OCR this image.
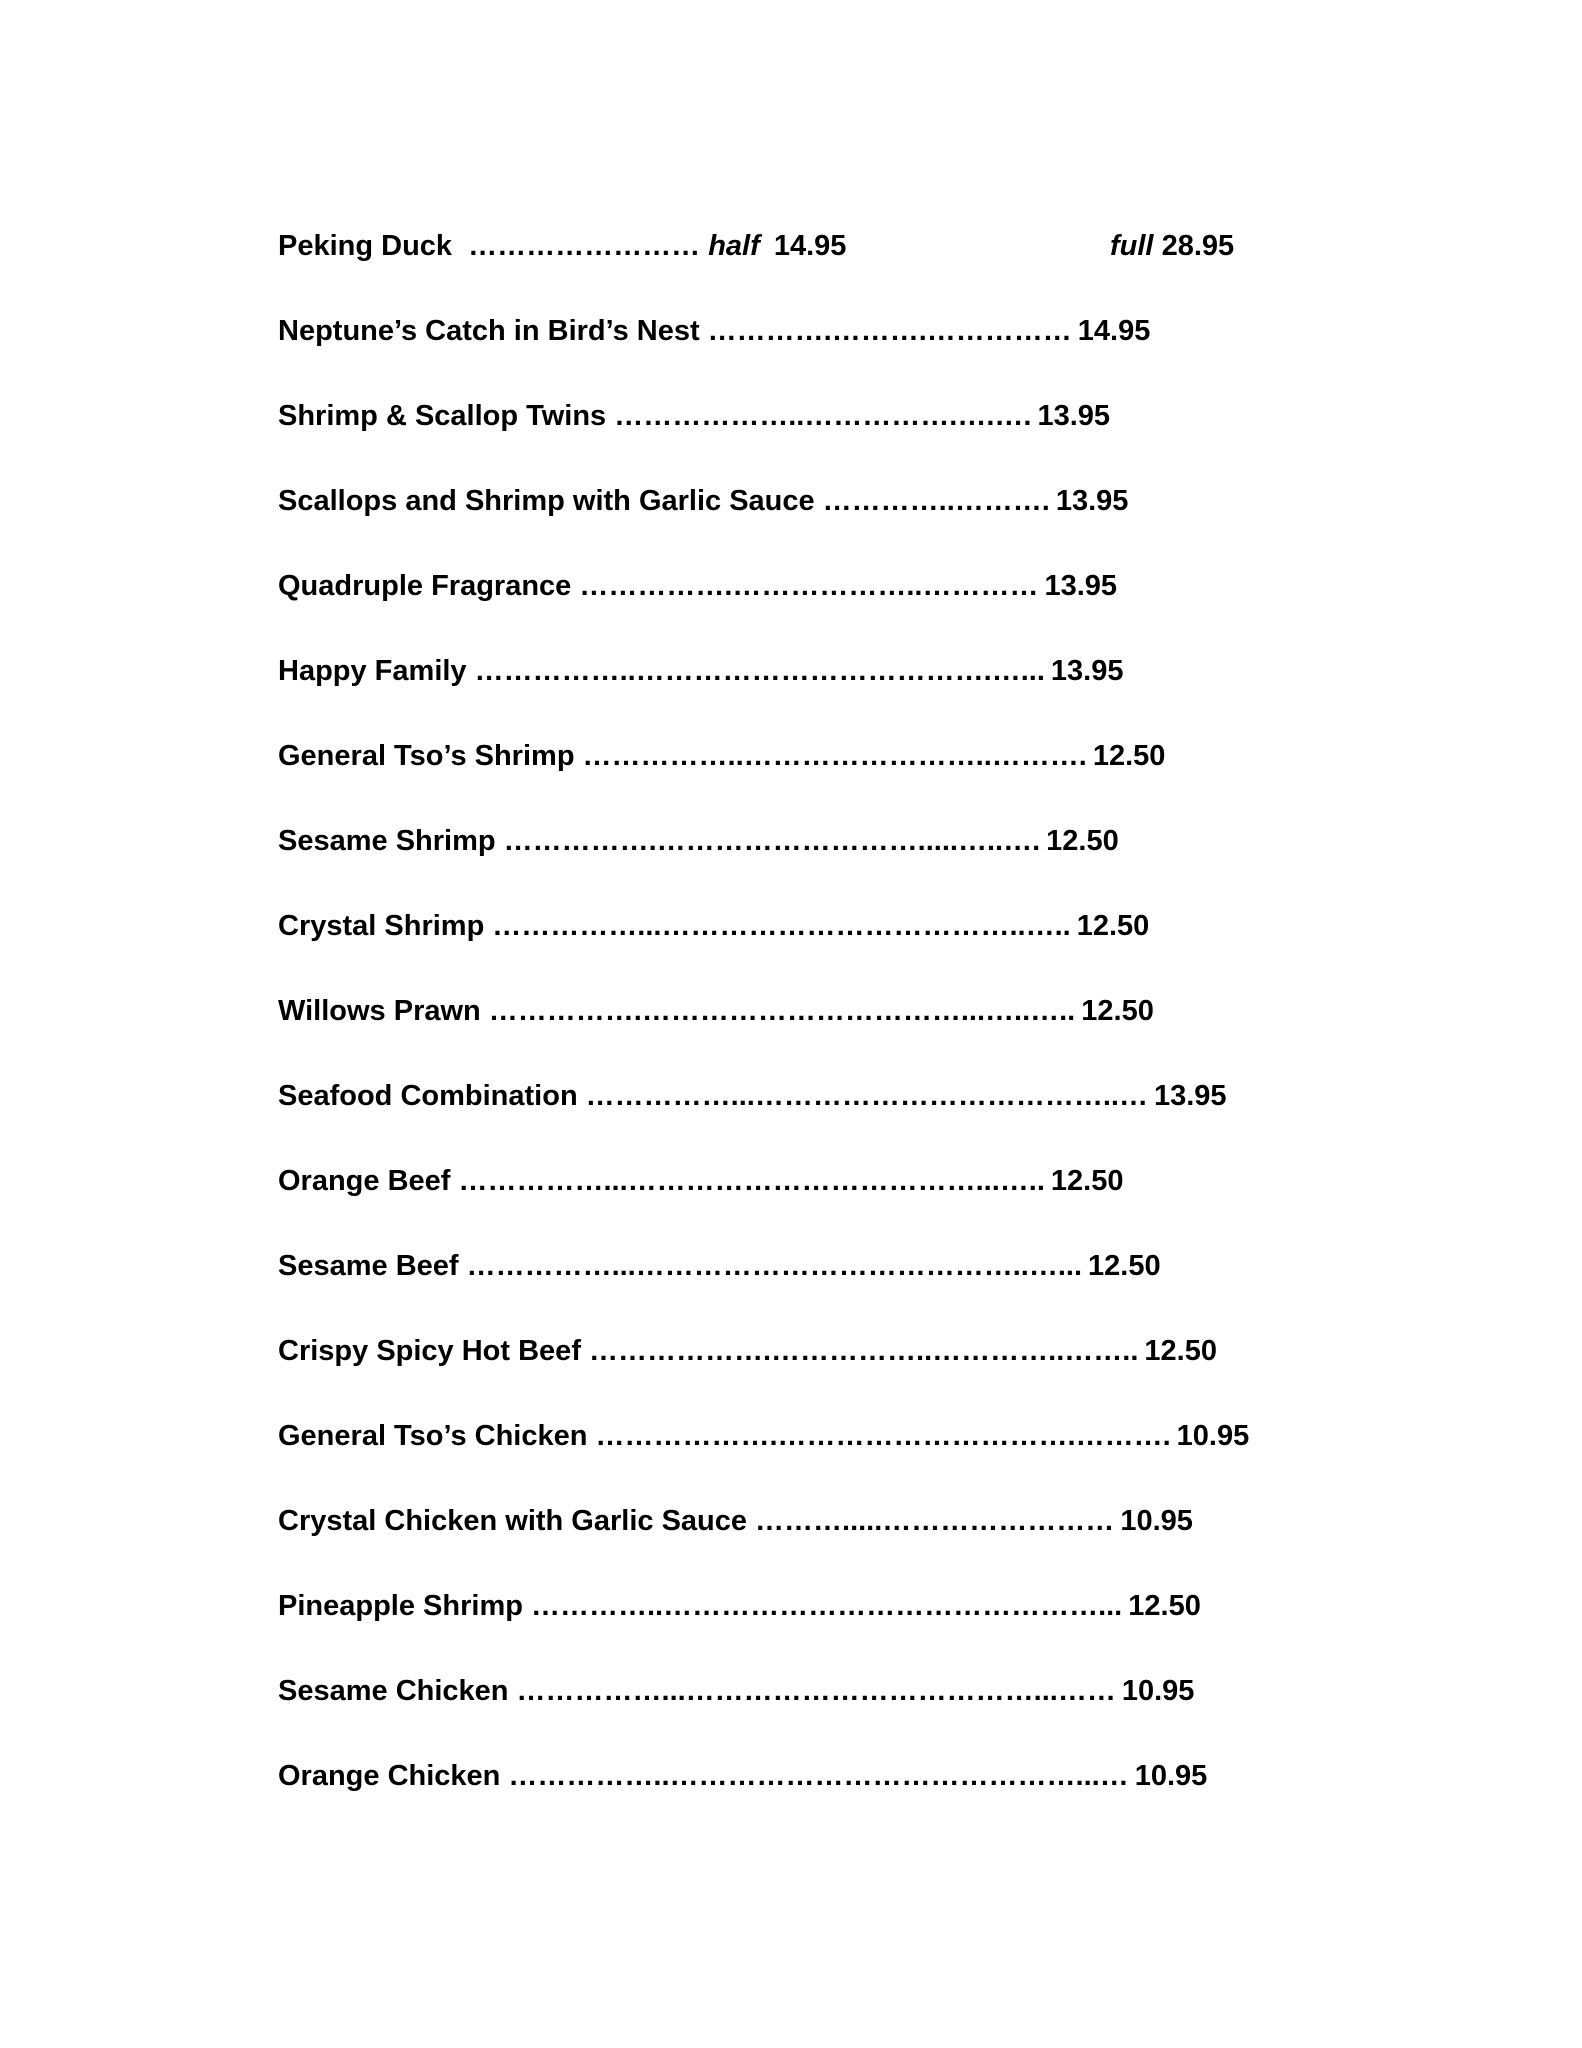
Peking Duck …………………… half 14.95	full 28.95
Neptune’s Catch in Bird’s Nest ………….……….…………… 14.95
Shrimp & Scallop Twins ………………..…………….….…. 13.95
Scallops and Shrimp with Garlic Sauce …………..………. 13.95
Quadruple Fragrance …………….………………..………… 13.95
Happy Family ……………..……………………………….…... 13.95
General Tso’s Shrimp ……………..……………………..………. 12.50
Sesame Shrimp …………….……………………….....…..…. 12.50
Crystal Shrimp ……………...………………………………..….. 12.50
Willows Prawn …………….……………………………...…..….. 12.50
Seafood Combination ……………...………………………………..… 13.95
Orange Beef ……………...………………………………...….. 12.50
Sesame Beef ……………...…………………………………..…... 12.50
Crispy Spicy Hot Beef ……………….……………..…………..…….. 12.50
General Tso’s Chicken ……………….………………………….………. 10.95
Crystal Chicken with Garlic Sauce ……….....…………………… 10.95
Pineapple Shrimp …………..………………………………………... 12.50
Sesame Chicken ……………...………………………………...…… 10.95
Orange Chicken ……………..……………………………………...… 10.95
